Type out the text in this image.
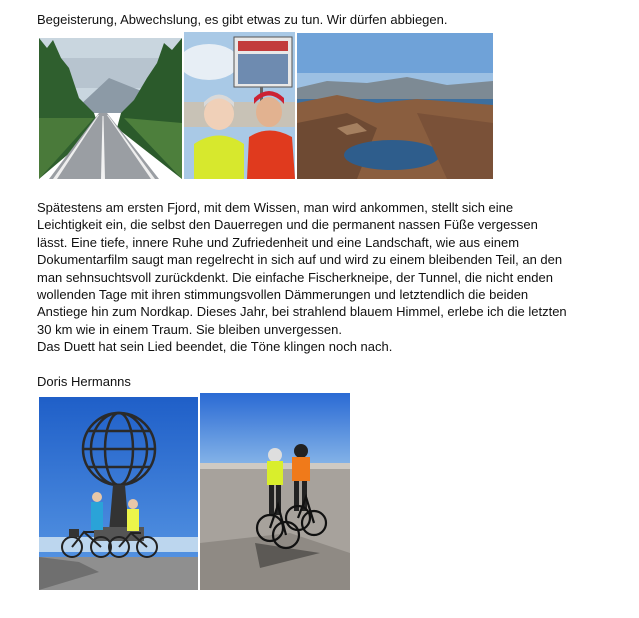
Begeisterung, Abwechslung, es gibt etwas zu tun. Wir dürfen abbiegen.
Spätestens am ersten Fjord, mit dem Wissen, man wird ankommen, stellt sich eine
Leichtigkeit ein, die selbst den Dauerregen und die permanent nassen Füße vergessen
lässt. Eine tiefe, innere Ruhe und Zufriedenheit und eine Landschaft, wie aus einem
Dokumentarfilm saugt man regelrecht in sich auf und wird zu einem bleibenden Teil, an den
man sehnsuchtsvoll zurückdenkt. Die einfache Fischerkneipe, der Tunnel, die nicht enden
wollenden Tage mit ihren stimmungsvollen Dämmerungen und letztendlich die beiden
Anstiege hin zum Nordkap. Dieses Jahr, bei strahlend blauem Himmel, erlebe ich die letzten
30 km wie in einem Traum. Sie bleiben unvergessen.
Das Duett hat sein Lied beendet, die Töne klingen noch nach.
Doris Hermanns
